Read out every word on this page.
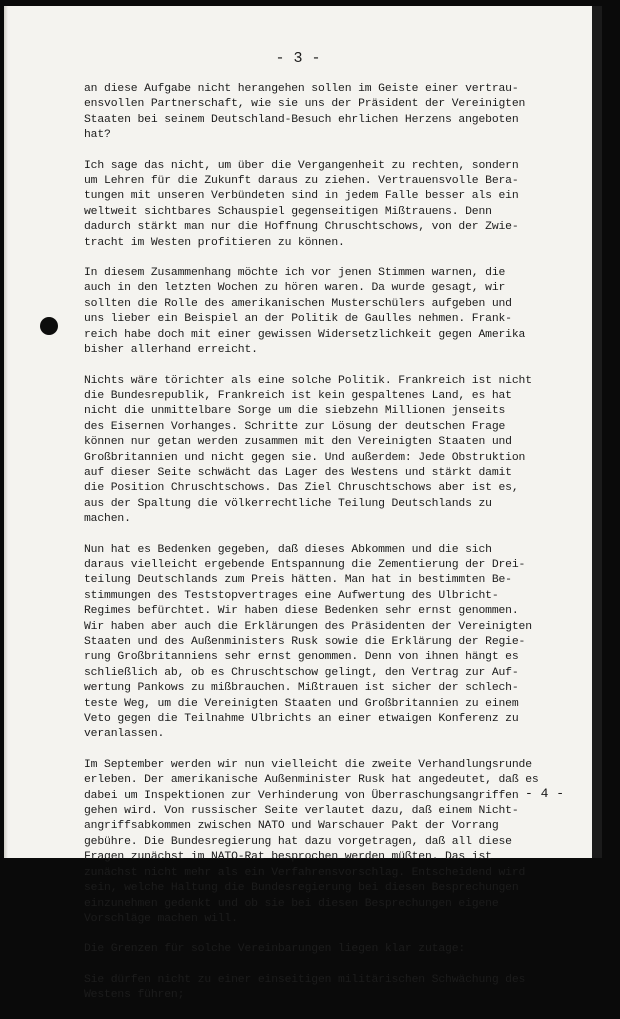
- 3 -
an diese Aufgabe nicht herangehen sollen im Geiste einer vertrau-
ensvollen Partnerschaft, wie sie uns der Präsident der Vereinigten
Staaten bei seinem Deutschland-Besuch ehrlichen Herzens angeboten
hat?
Ich sage das nicht, um über die Vergangenheit zu rechten, sondern
um Lehren für die Zukunft daraus zu ziehen. Vertrauensvolle Bera-
tungen mit unseren Verbündeten sind in jedem Falle besser als ein
weltweit sichtbares Schauspiel gegenseitigen Mißtrauens. Denn
dadurch stärkt man nur die Hoffnung Chruschtschows, von der Zwie-
tracht im Westen profitieren zu können.
In diesem Zusammenhang möchte ich vor jenen Stimmen warnen, die
auch in den letzten Wochen zu hören waren. Da wurde gesagt, wir
sollten die Rolle des amerikanischen Musterschülers aufgeben und
uns lieber ein Beispiel an der Politik de Gaulles nehmen. Frank-
reich habe doch mit einer gewissen Widersetzlichkeit gegen Amerika
bisher allerhand erreicht.
Nichts wäre törichter als eine solche Politik. Frankreich ist nicht
die Bundesrepublik, Frankreich ist kein gespaltenes Land, es hat
nicht die unmittelbare Sorge um die siebzehn Millionen jenseits
des Eisernen Vorhanges. Schritte zur Lösung der deutschen Frage
können nur getan werden zusammen mit den Vereinigten Staaten und
Großbritannien und nicht gegen sie. Und außerdem: Jede Obstruktion
auf dieser Seite schwächt das Lager des Westens und stärkt damit
die Position Chruschtschows. Das Ziel Chruschtschows aber ist es,
aus der Spaltung die völkerrechtliche Teilung Deutschlands zu
machen.
Nun hat es Bedenken gegeben, daß dieses Abkommen und die sich
daraus vielleicht ergebende Entspannung die Zementierung der Drei-
teilung Deutschlands zum Preis hätten. Man hat in bestimmten Be-
stimmungen des Teststopvertrages eine Aufwertung des Ulbricht-
Regimes befürchtet. Wir haben diese Bedenken sehr ernst genommen.
Wir haben aber auch die Erklärungen des Präsidenten der Vereinigten
Staaten und des Außenministers Rusk sowie die Erklärung der Regie-
rung Großbritanniens sehr ernst genommen. Denn von ihnen hängt es
schließlich ab, ob es Chruschtschow gelingt, den Vertrag zur Auf-
wertung Pankows zu mißbrauchen. Mißtrauen ist sicher der schlech-
teste Weg, um die Vereinigten Staaten und Großbritannien zu einem
Veto gegen die Teilnahme Ulbrichts an einer etwaigen Konferenz zu
veranlassen.
Im September werden wir nun vielleicht die zweite Verhandlungsrunde
erleben. Der amerikanische Außenminister Rusk hat angedeutet, daß es
dabei um Inspektionen zur Verhinderung von Überraschungsangriffen
gehen wird. Von russischer Seite verlautet dazu, daß einem Nicht-
angriffsabkommen zwischen NATO und Warschauer Pakt der Vorrang
gebühre. Die Bundesregierung hat dazu vorgetragen, daß all diese
Fragen zunächst im NATO-Rat besprochen werden müßten. Das ist
zunächst nicht mehr als ein Verfahrensvorschlag. Entscheidend wird
sein, welche Haltung die Bundesregierung bei diesen Besprechungen
einzunehmen gedenkt und ob sie bei diesen Besprechungen eigene
Vorschläge machen will.
Die Grenzen für solche Vereinbarungen liegen klar zutage:
Sie dürfen nicht zu einer einseitigen militärischen Schwächung des
Westens führen;
- 4 -
